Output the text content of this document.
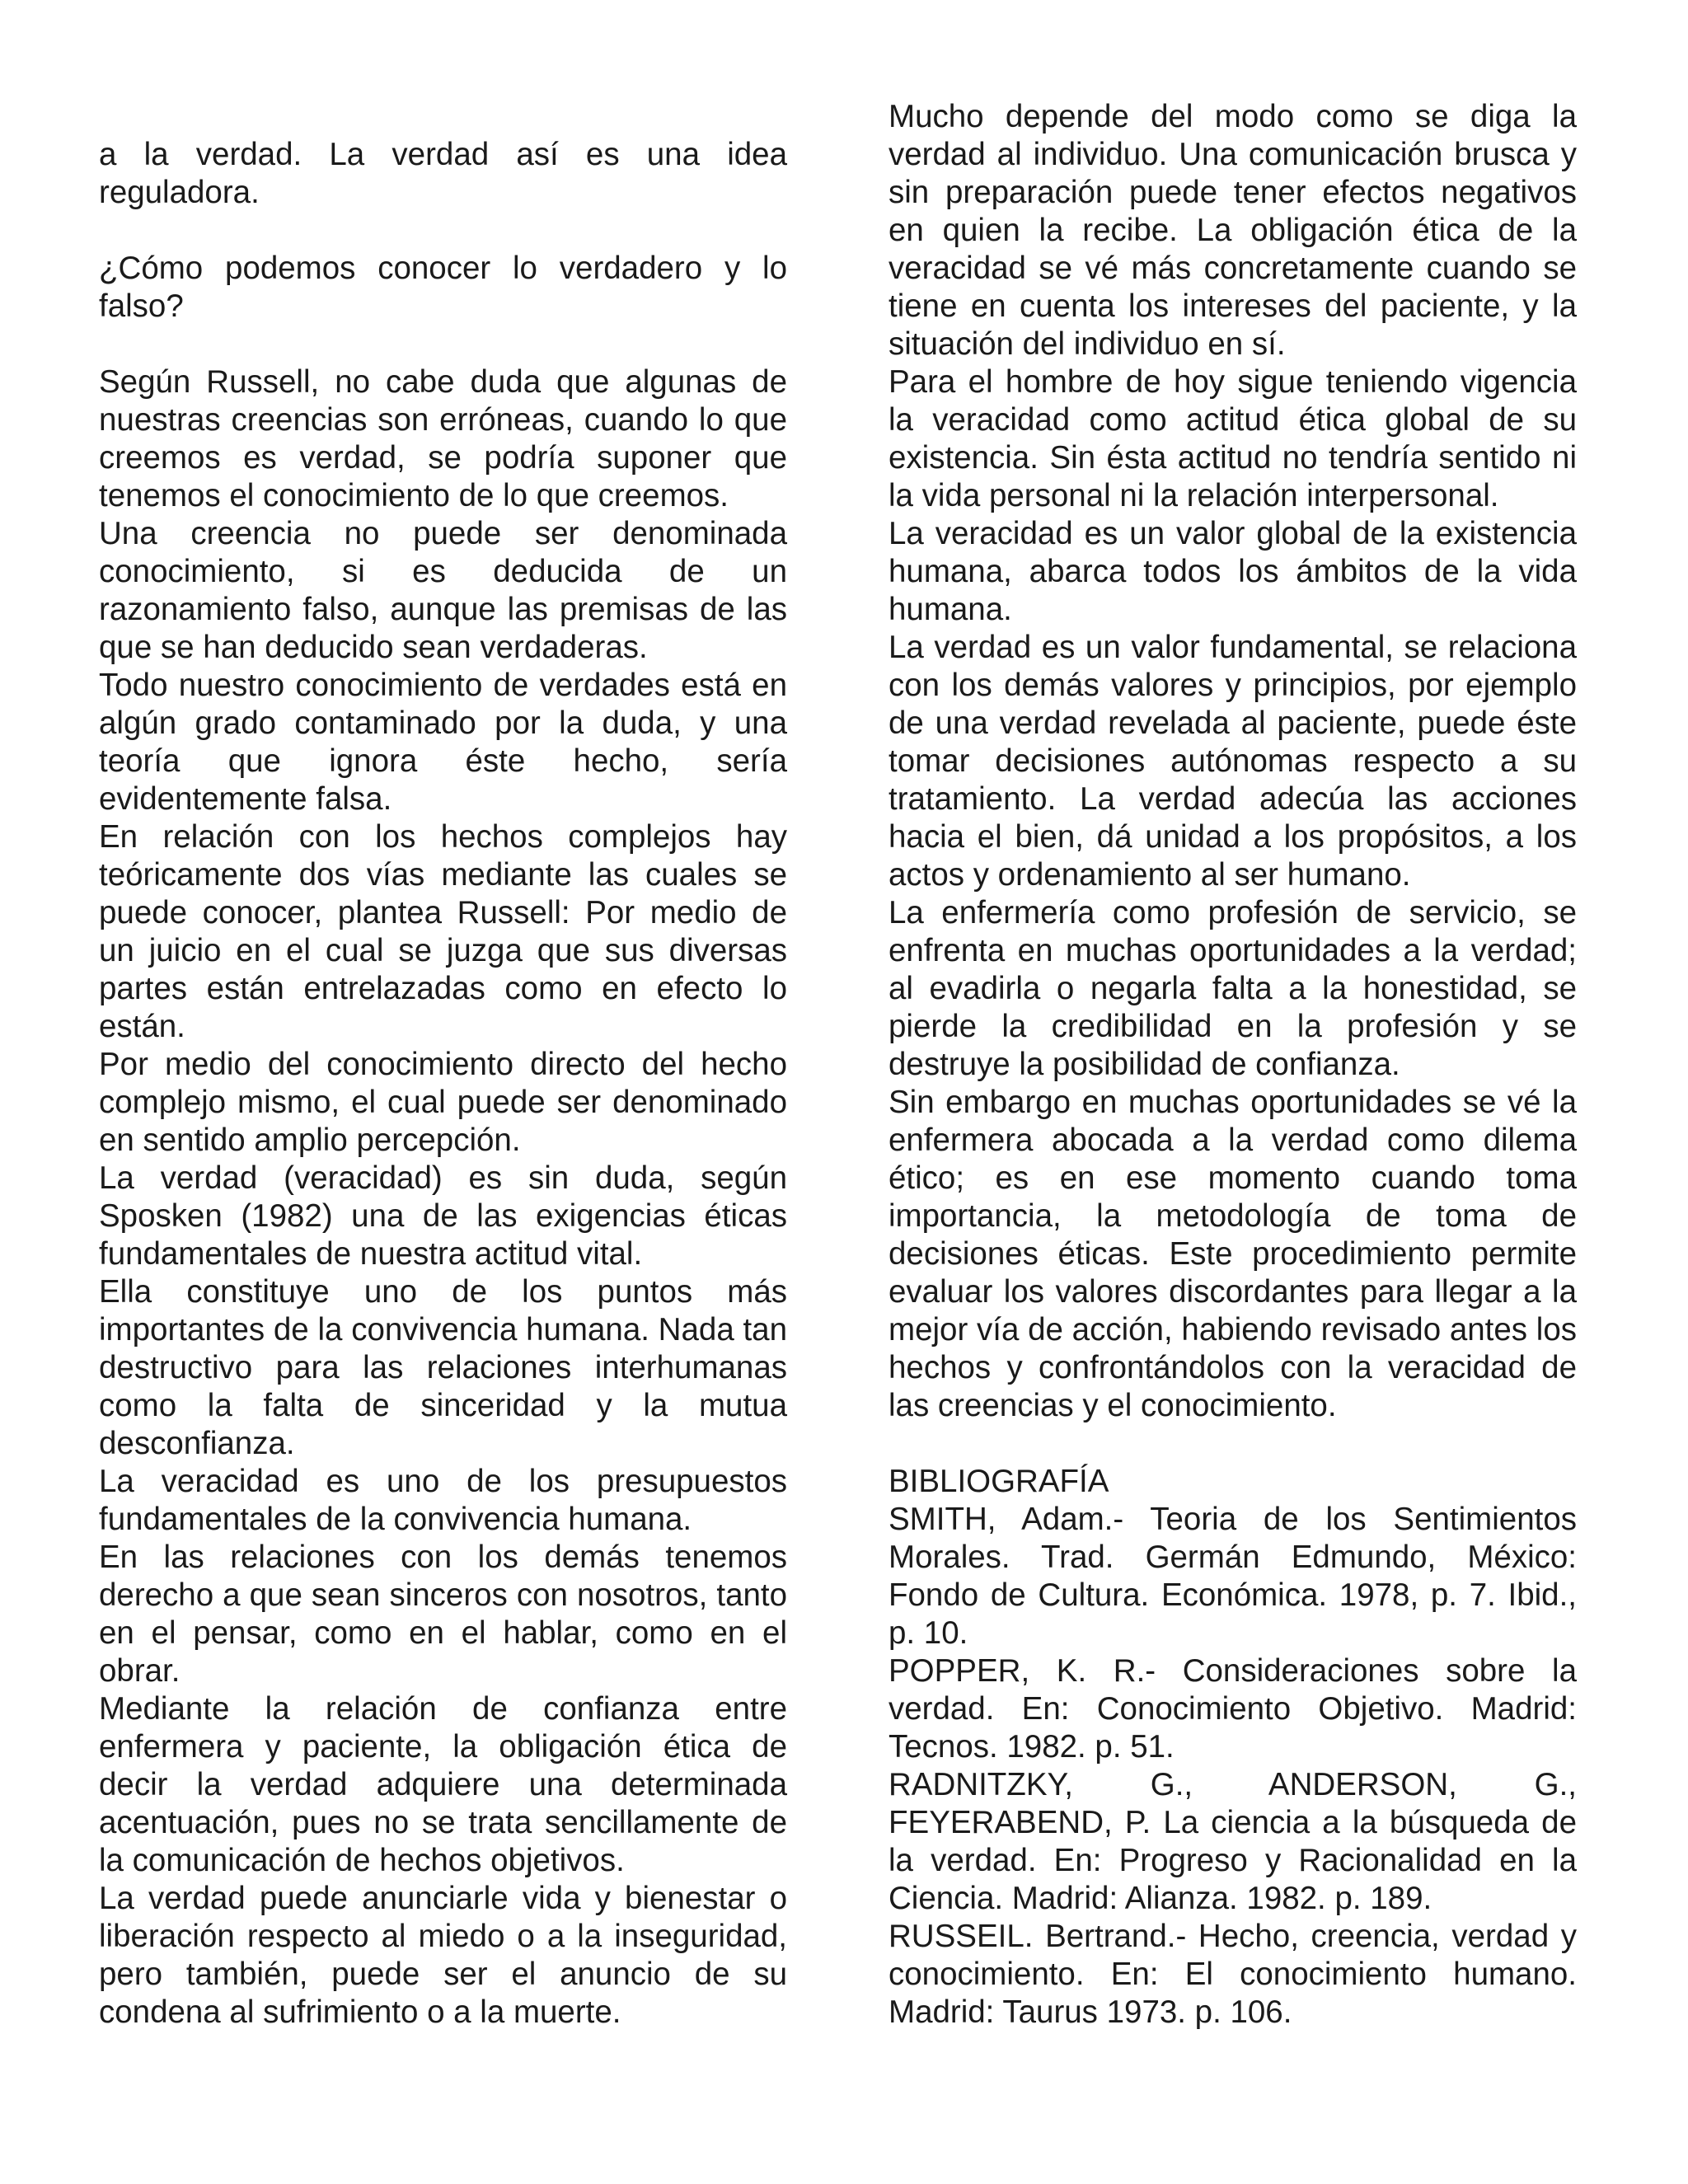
a la verdad. La verdad así es una idea reguladora.

¿Cómo podemos conocer lo verdadero y lo falso?

Según Russell, no cabe duda que algunas de nuestras creencias son erróneas, cuando lo que creemos es verdad, se podría suponer que tenemos el conocimiento de lo que creemos.

Una creencia no puede ser denominada conocimiento, si es deducida de un razonamiento falso, aunque las premisas de las que se han deducido sean verdaderas.

Todo nuestro conocimiento de verdades está en algún grado contaminado por la duda, y una teoría que ignora éste hecho, sería evidentemente falsa.

En relación con los hechos complejos hay teóricamente dos vías mediante las cuales se puede conocer, plantea Russell: Por medio de un juicio en el cual se juzga que sus diversas partes están entrelazadas como en efecto lo están.

Por medio del conocimiento directo del hecho complejo mismo, el cual puede ser denominado en sentido amplio percepción.

La verdad (veracidad) es sin duda, según Sposken (1982) una de las exigencias éticas fundamentales de nuestra actitud vital.

Ella constituye uno de los puntos más importantes de la convivencia humana. Nada tan destructivo para las relaciones interhumanas como la falta de sinceridad y la mutua desconfianza.

La veracidad es uno de los presupuestos fundamentales de la convivencia humana.

En las relaciones con los demás tenemos derecho a que sean sinceros con nosotros, tanto en el pensar, como en el hablar, como en el obrar.

Mediante la relación de confianza entre enfermera y paciente, la obligación ética de decir la verdad adquiere una determinada acentuación, pues no se trata sencillamente de la comunicación de hechos objetivos.

La verdad puede anunciarle vida y bienestar o liberación respecto al miedo o a la inseguridad, pero también, puede ser el anuncio de su condena al sufrimiento o a la muerte.

Mucho depende del modo como se diga la verdad al individuo. Una comunicación brusca y sin preparación puede tener efectos negativos en quien la recibe. La obligación ética de la veracidad se vé más concretamente cuando se tiene en cuenta los intereses del paciente, y la situación del individuo en sí.

Para el hombre de hoy sigue teniendo vigencia la veracidad como actitud ética global de su existencia. Sin ésta actitud no tendría sentido ni la vida personal ni la relación interpersonal.

La veracidad es un valor global de la existencia humana, abarca todos los ámbitos de la vida humana.

La verdad es un valor fundamental, se relaciona con los demás valores y principios, por ejemplo de una verdad revelada al paciente, puede éste tomar decisiones autónomas respecto a su tratamiento. La verdad adecúa las acciones hacia el bien, dá unidad a los propósitos, a los actos y ordenamiento al ser humano.

La enfermería como profesión de servicio, se enfrenta en muchas oportunidades a la verdad; al evadirla o negarla falta a la honestidad, se pierde la credibilidad en la profesión y se destruye la posibilidad de confianza.

Sin embargo en muchas oportunidades se vé la enfermera abocada a la verdad como dilema ético; es en ese momento cuando toma importancia, la metodología de toma de decisiones éticas. Este procedimiento permite evaluar los valores discordantes para llegar a la mejor vía de acción, habiendo revisado antes los hechos y confrontándolos con la veracidad de las creencias y el conocimiento.

BIBLIOGRAFÍA

SMITH, Adam.- Teoria de los Sentimientos Morales. Trad. Germán Edmundo, México: Fondo de Cultura. Económica. 1978, p. 7. Ibid., p. 10.

POPPER, K. R.- Consideraciones sobre la verdad. En: Conocimiento Objetivo. Madrid: Tecnos. 1982. p. 51.

RADNITZKY, G., ANDERSON, G., FEYERABEND, P. La ciencia a la búsqueda de la verdad. En: Progreso y Racionalidad en la Ciencia. Madrid: Alianza. 1982. p. 189.

RUSSEIL. Bertrand.- Hecho, creencia, verdad y conocimiento. En: El conocimiento humano. Madrid: Taurus 1973. p. 106.
